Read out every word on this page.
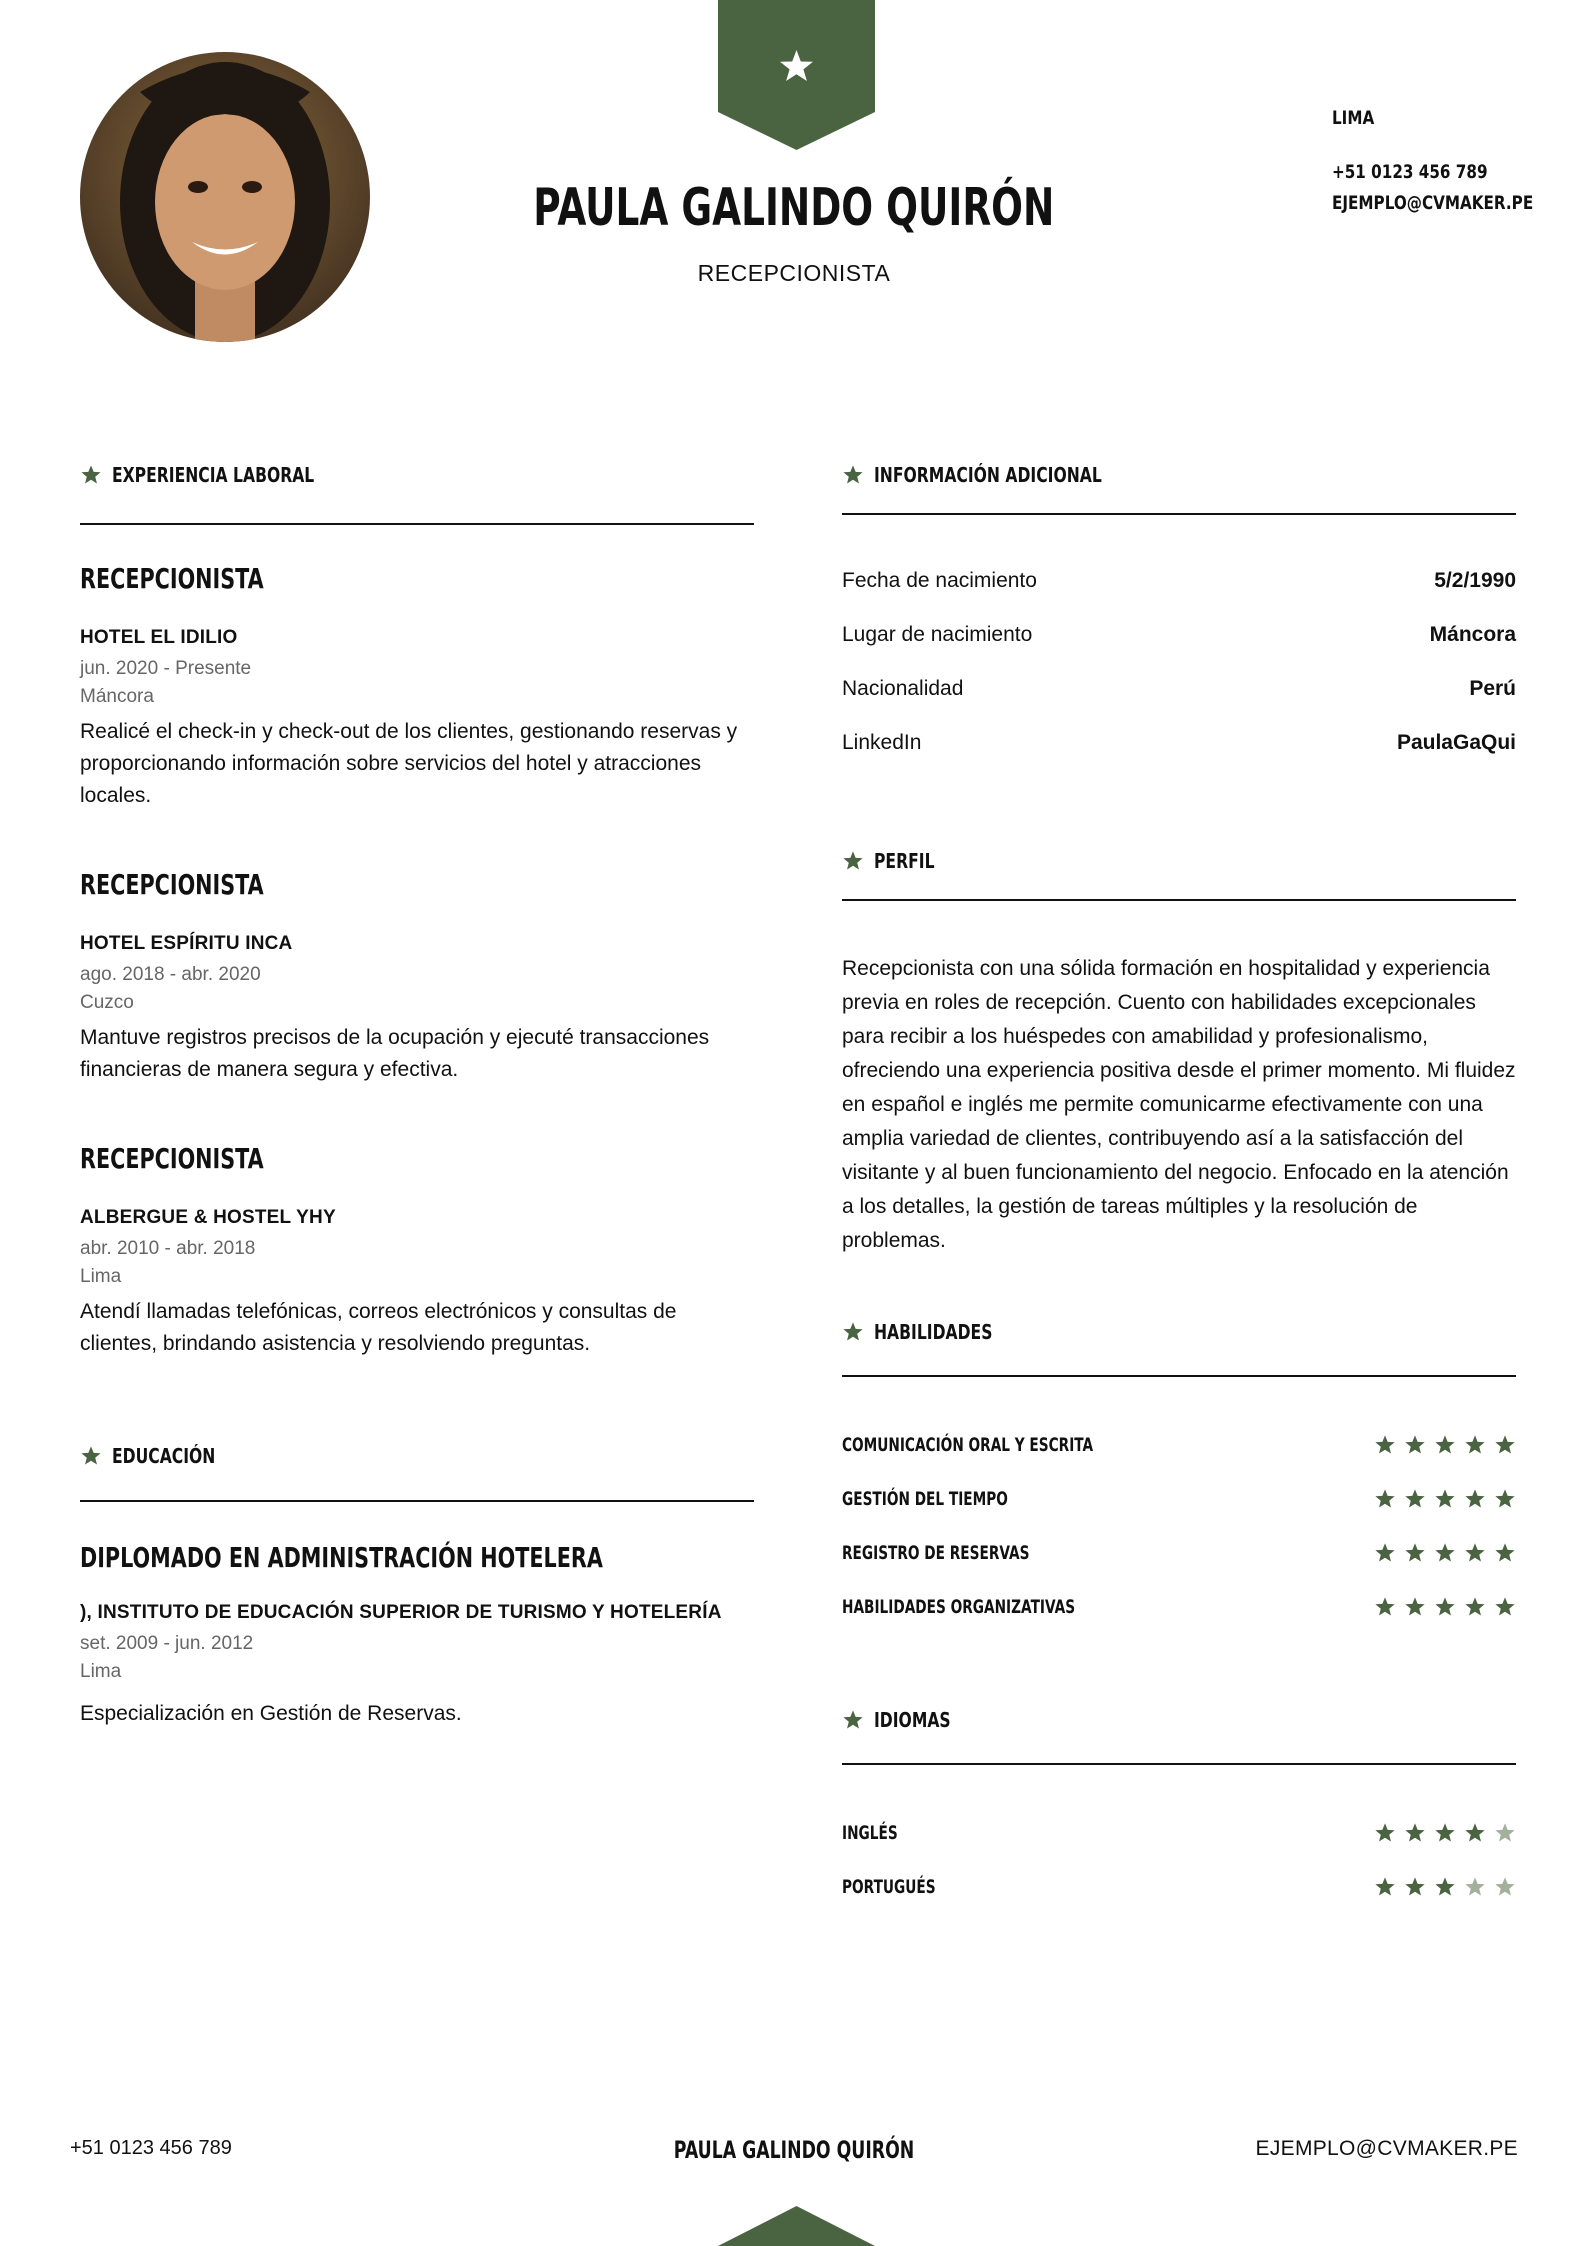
PAULA GALINDO QUIRÓN
RECEPCIONISTA
LIMA
+51 0123 456 789
EJEMPLO@CVMAKER.PE
EXPERIENCIA LABORAL
RECEPCIONISTA
HOTEL EL IDILIO
jun. 2020 - Presente
Máncora
Realicé el check-in y check-out de los clientes, gestionando reservas y proporcionando información sobre servicios del hotel y atracciones locales.
RECEPCIONISTA
HOTEL ESPÍRITU INCA
ago. 2018 - abr. 2020
Cuzco
Mantuve registros precisos de la ocupación y ejecuté transacciones financieras de manera segura y efectiva.
RECEPCIONISTA
ALBERGUE & HOSTEL YHY
abr. 2010 - abr. 2018
Lima
Atendí llamadas telefónicas, correos electrónicos y consultas de clientes, brindando asistencia y resolviendo preguntas.
EDUCACIÓN
DIPLOMADO EN ADMINISTRACIÓN HOTELERA
), INSTITUTO DE EDUCACIÓN SUPERIOR DE TURISMO Y HOTELERÍA
set. 2009 - jun. 2012
Lima
Especialización en Gestión de Reservas.
INFORMACIÓN ADICIONAL
Fecha de nacimiento	5/2/1990
Lugar de nacimiento	Máncora
Nacionalidad	Perú
LinkedIn	PaulaGaQui
PERFIL
Recepcionista con una sólida formación en hospitalidad y experiencia previa en roles de recepción. Cuento con habilidades excepcionales para recibir a los huéspedes con amabilidad y profesionalismo, ofreciendo una experiencia positiva desde el primer momento. Mi fluidez en español e inglés me permite comunicarme efectivamente con una amplia variedad de clientes, contribuyendo así a la satisfacción del visitante y al buen funcionamiento del negocio. Enfocado en la atención a los detalles, la gestión de tareas múltiples y la resolución de problemas.
HABILIDADES
COMUNICACIÓN ORAL Y ESCRITA
GESTIÓN DEL TIEMPO
REGISTRO DE RESERVAS
HABILIDADES ORGANIZATIVAS
IDIOMAS
INGLÉS
PORTUGUÉS
+51 0123 456 789	PAULA GALINDO QUIRÓN	EJEMPLO@CVMAKER.PE
